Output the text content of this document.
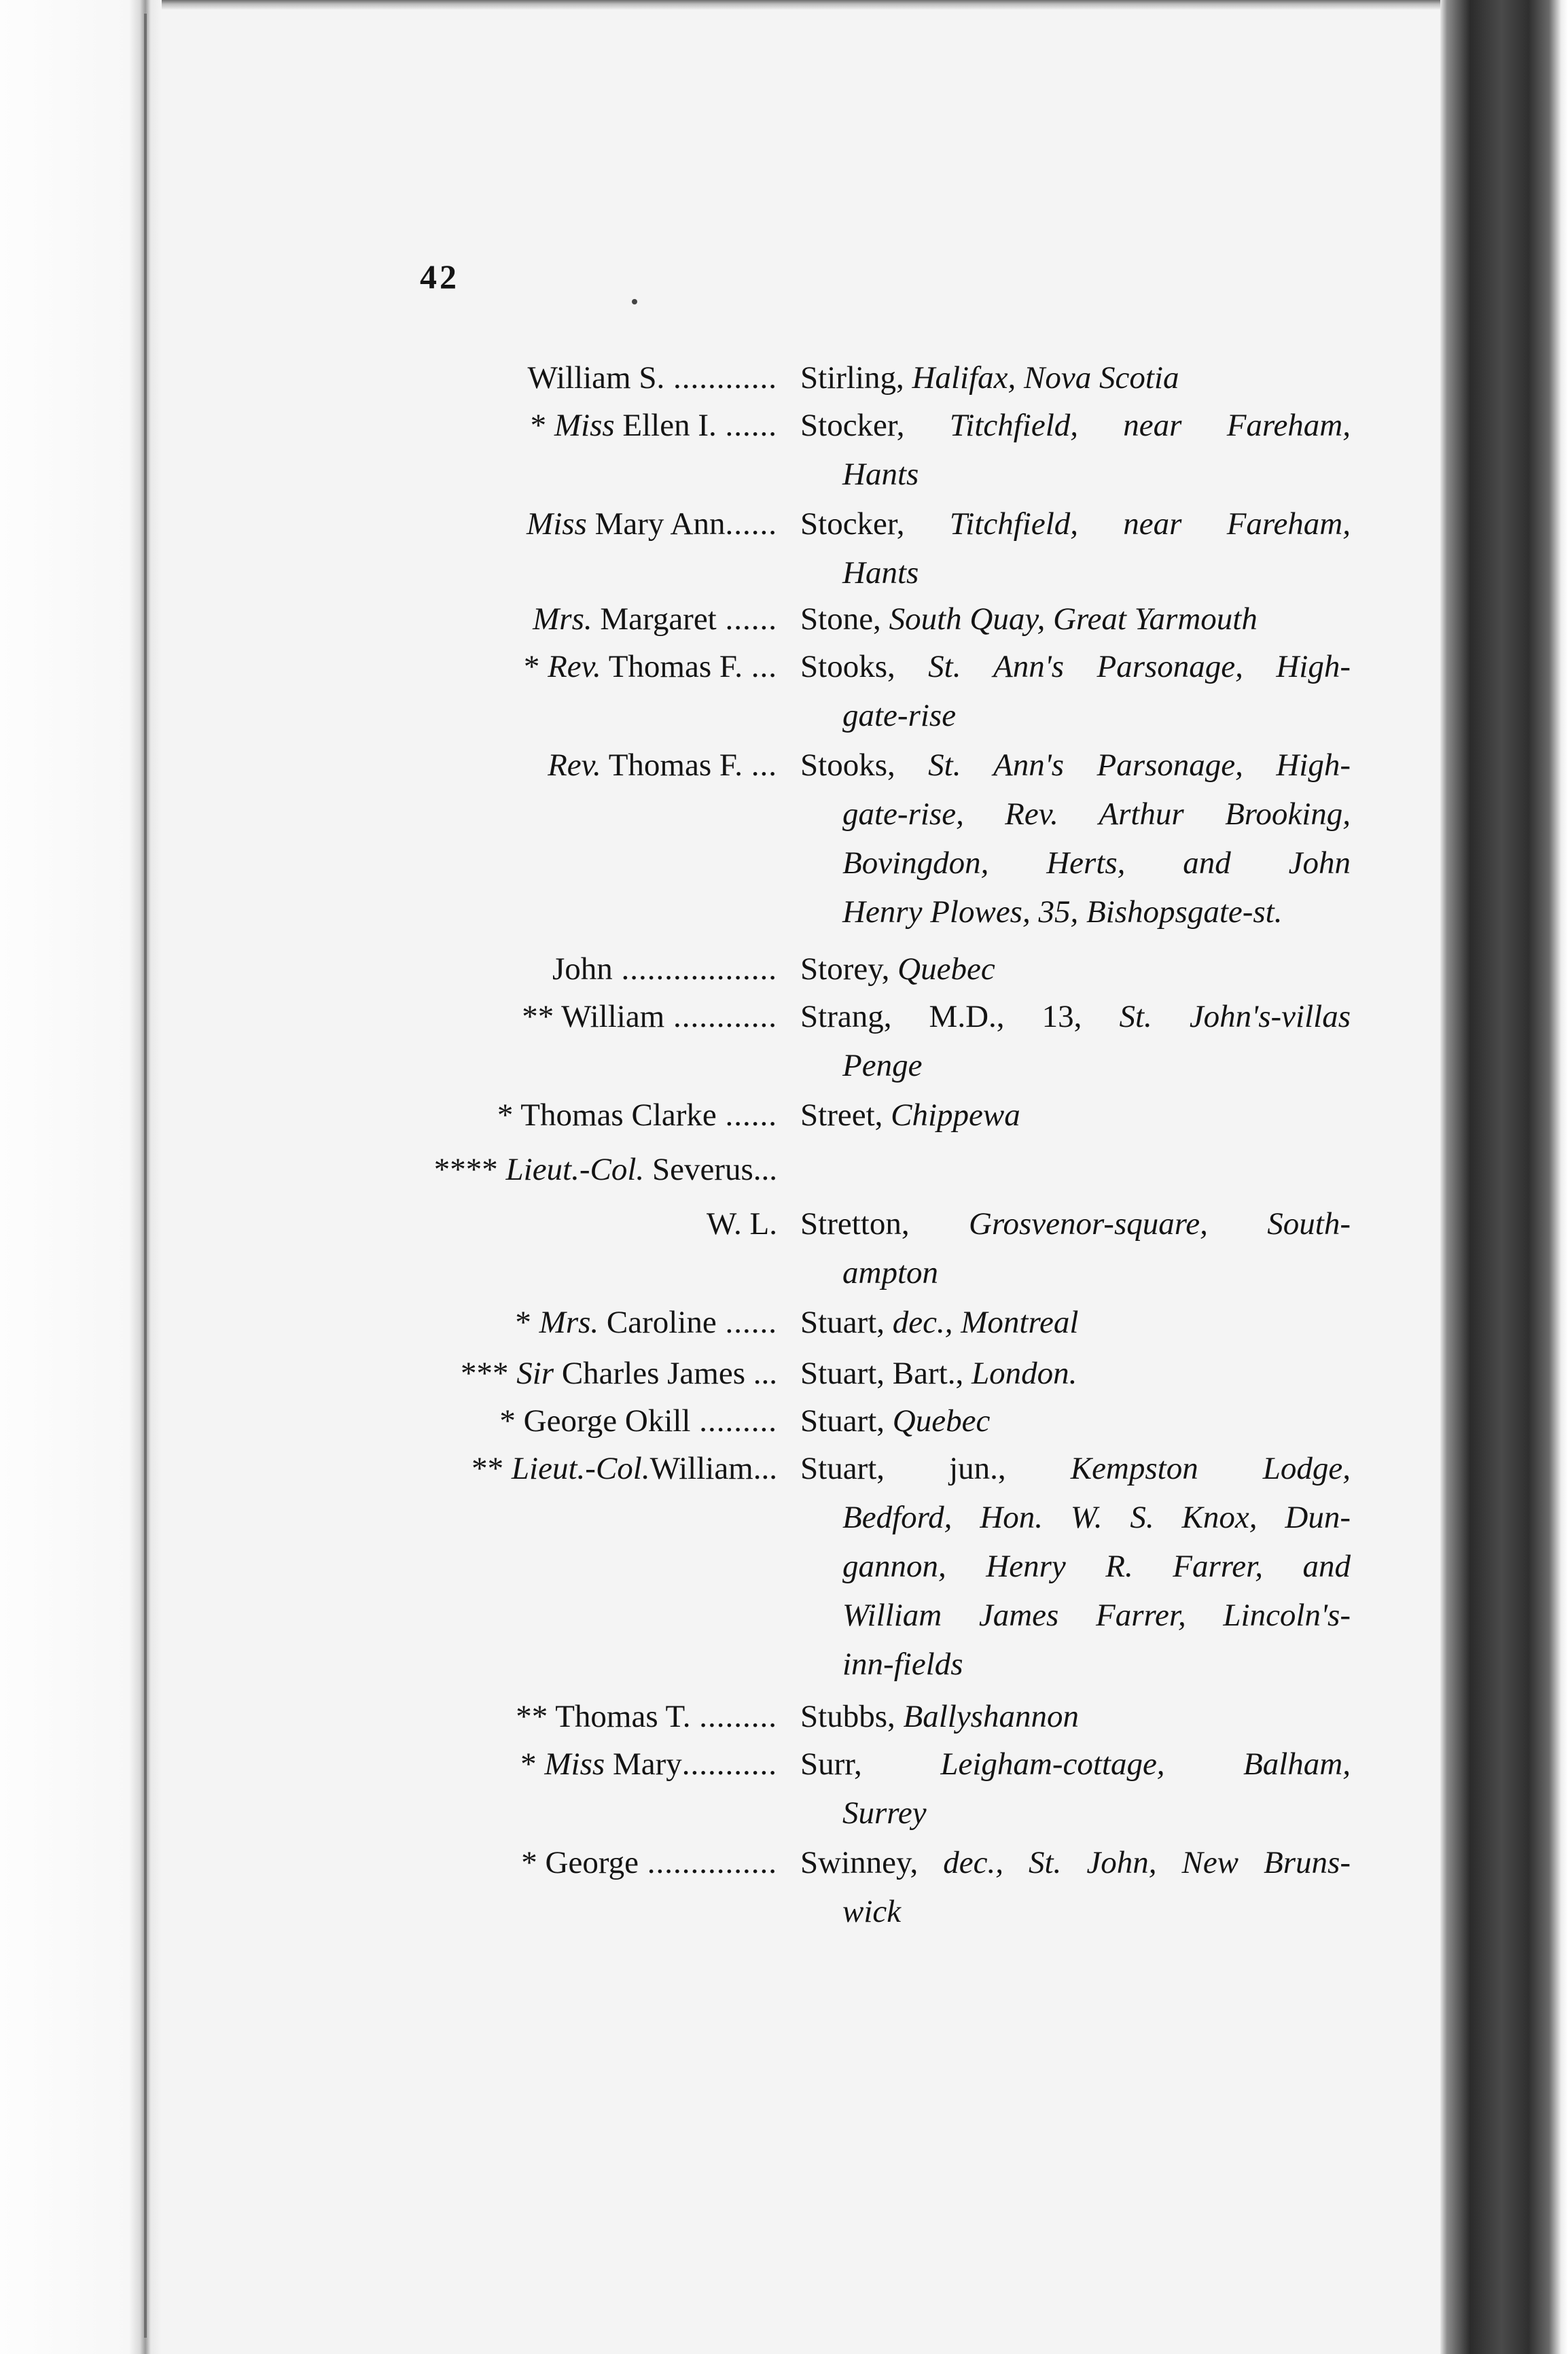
42
William S. ............ Stirling, Halifax, Nova Scotia
* Miss Ellen I. ...... Stocker, Titchfield, near Fareham,
Hants
Miss Mary Ann...... Stocker, Titchfield, near Fareham,
Hants
Mrs. Margaret ...... Stone, South Quay, Great Yarmouth
* Rev. Thomas F. ... Stooks, St. Ann's Parsonage, High-
gate-rise
Rev. Thomas F. ... Stooks, St. Ann's Parsonage, High-
gate-rise, Rev. Arthur Brooking,
Bovingdon, Herts, and John
Henry Plowes, 35, Bishopsgate-st.
John .................. Storey, Quebec
** William ............ Strang, M.D., 13, St. John's-villas
Penge
* Thomas Clarke ...... Street, Chippewa
**** Lieut.-Col. Severus...
W. L. Stretton, Grosvenor-square, South-
ampton
* Mrs. Caroline ...... Stuart, dec., Montreal
*** Sir Charles James ... Stuart, Bart., London.
* George Okill ......... Stuart, Quebec
** Lieut.-Col.William... Stuart, jun., Kempston Lodge,
Bedford, Hon. W. S. Knox, Dun-
gannon, Henry R. Farrer, and
William James Farrer, Lincoln's-
inn-fields
** Thomas T. ......... Stubbs, Ballyshannon
* Miss Mary........... Surr, Leigham-cottage, Balham,
Surrey
* George ............... Swinney, dec., St. John, New Bruns-
wick
